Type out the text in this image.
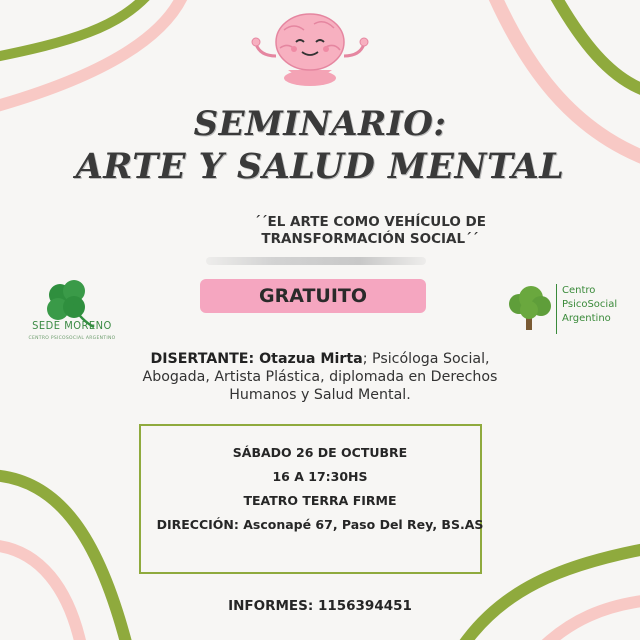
SEMINARIO:
ARTE Y SALUD MENTAL
´´EL ARTE COMO VEHÍCULO DE TRANSFORMACIÓN SOCIAL´´
GRATUITO
SEDE MORENO
CENTRO PSICOSOCIAL ARGENTINO
Centro
PsicoSocial
Argentino
DISERTANTE: Otazua Mirta; Psicóloga Social, Abogada, Artista Plástica, diplomada en Derechos Humanos y Salud Mental.
SÁBADO 26 DE OCTUBRE
16 A 17:30HS
TEATRO TERRA FIRME
DIRECCIÓN: Asconapé 67, Paso Del Rey, BS.AS
INFORMES: 1156394451
